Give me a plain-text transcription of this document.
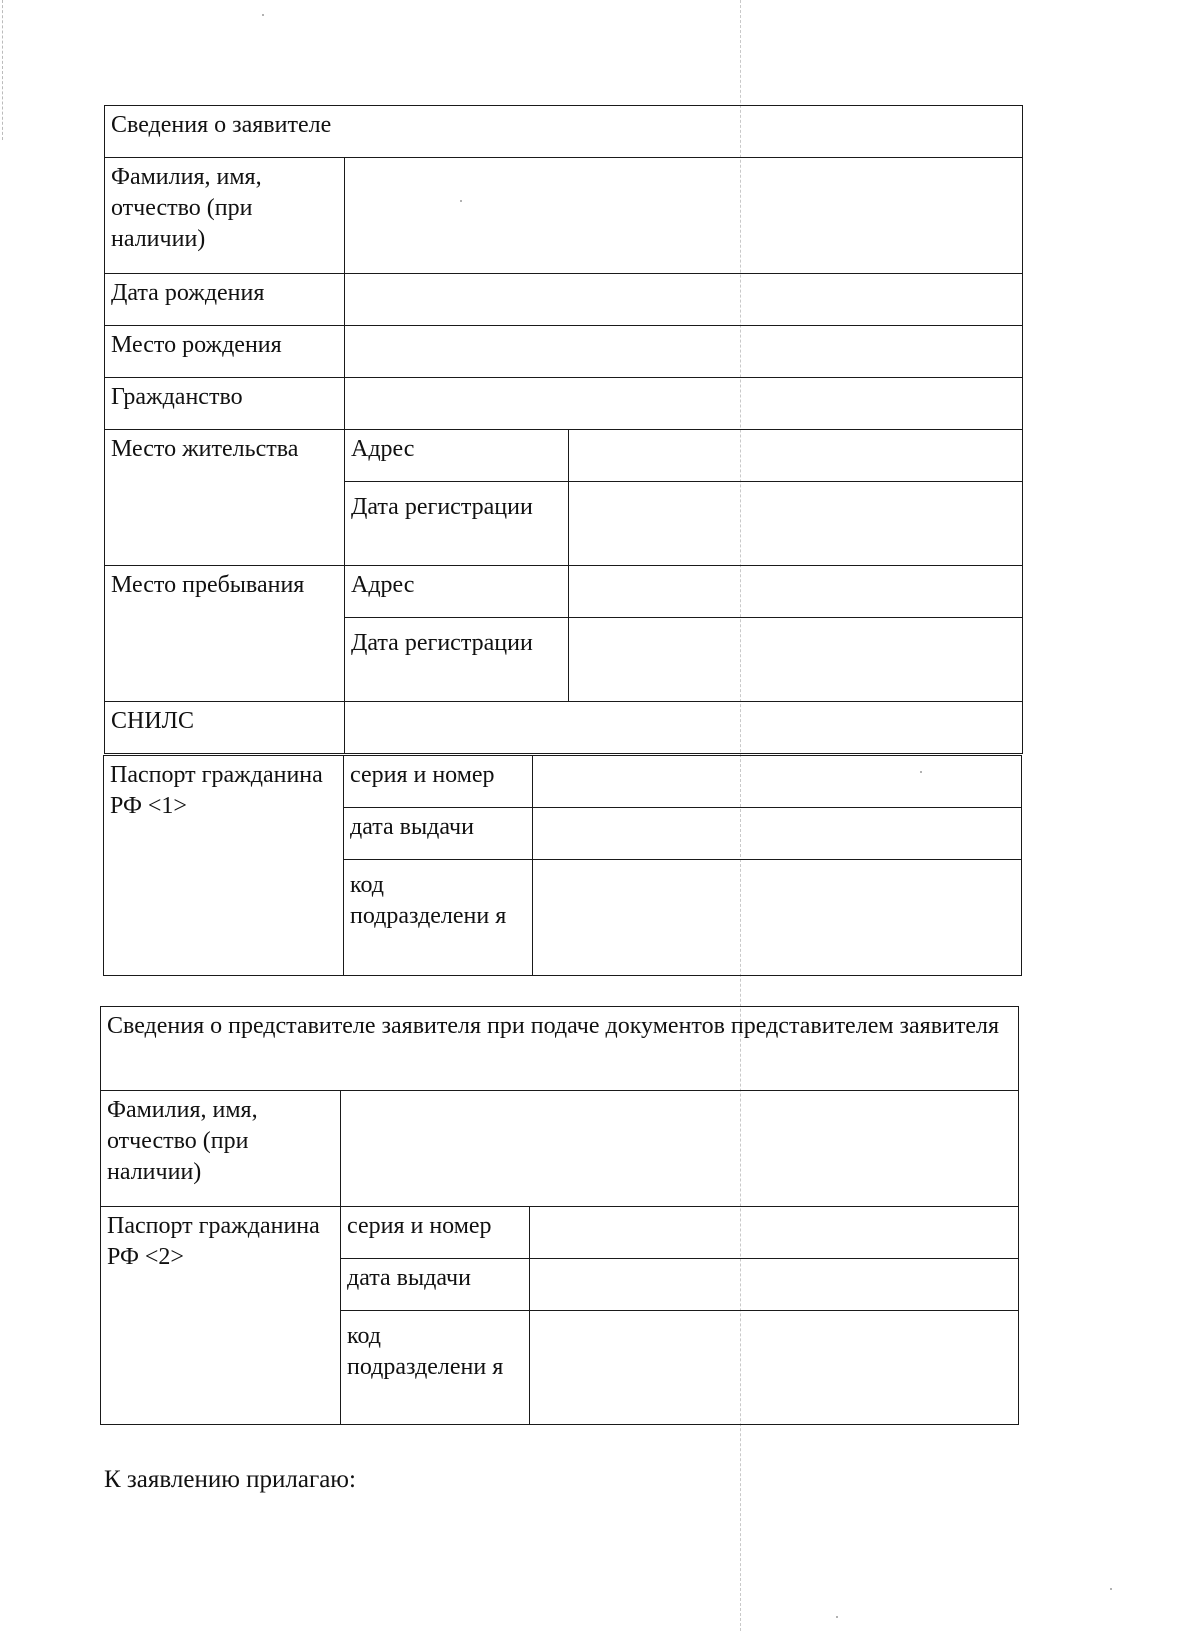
Сведения о заявителе		
Фамилия, имя, отчество (при наличии)		
Дата рождения		
Место рождения		
Гражданство		
Место жительства	Адрес	
	Дата регистрации	
Место пребывания	Адрес	
	Дата регистрации	
СНИЛС		
Паспорт гражданина РФ <1>	серия и номер	
	дата выдачи	
	код подразделени я	
Сведения о представителе заявителя при подаче документов представителем заявителя		
Фамилия, имя, отчество (при наличии)		
Паспорт гражданина РФ <2>	серия и номер	
	дата выдачи	
	код подразделени я	
К заявлению прилагаю:
